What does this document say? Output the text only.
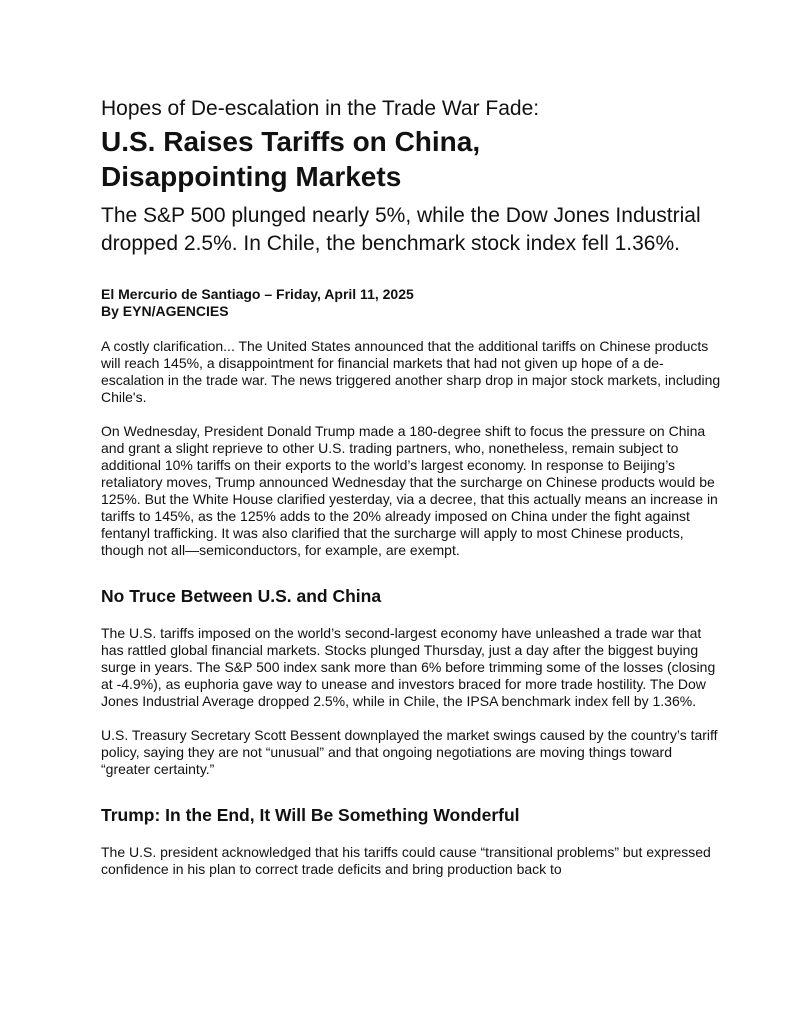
Hopes of De-escalation in the Trade War Fade:
U.S. Raises Tariffs on China,
Disappointing Markets

The S&P 500 plunged nearly 5%, while the Dow Jones Industrial dropped 2.5%. In Chile, the benchmark stock index fell 1.36%.

El Mercurio de Santiago – Friday, April 11, 2025
By EYN/AGENCIES

A costly clarification... The United States announced that the additional tariffs on Chinese products will reach 145%, a disappointment for financial markets that had not given up hope of a de-escalation in the trade war. The news triggered another sharp drop in major stock markets, including Chile's.

On Wednesday, President Donald Trump made a 180-degree shift to focus the pressure on China and grant a slight reprieve to other U.S. trading partners, who, nonetheless, remain subject to additional 10% tariffs on their exports to the world’s largest economy. In response to Beijing’s retaliatory moves, Trump announced Wednesday that the surcharge on Chinese products would be 125%. But the White House clarified yesterday, via a decree, that this actually means an increase in tariffs to 145%, as the 125% adds to the 20% already imposed on China under the fight against fentanyl trafficking. It was also clarified that the surcharge will apply to most Chinese products, though not all—semiconductors, for example, are exempt.

No Truce Between U.S. and China

The U.S. tariffs imposed on the world’s second-largest economy have unleashed a trade war that has rattled global financial markets. Stocks plunged Thursday, just a day after the biggest buying surge in years. The S&P 500 index sank more than 6% before trimming some of the losses (closing at -4.9%), as euphoria gave way to unease and investors braced for more trade hostility. The Dow Jones Industrial Average dropped 2.5%, while in Chile, the IPSA benchmark index fell by 1.36%.

U.S. Treasury Secretary Scott Bessent downplayed the market swings caused by the country’s tariff policy, saying they are not “unusual” and that ongoing negotiations are moving things toward “greater certainty.”

Trump: In the End, It Will Be Something Wonderful

The U.S. president acknowledged that his tariffs could cause “transitional problems” but expressed confidence in his plan to correct trade deficits and bring production back to
